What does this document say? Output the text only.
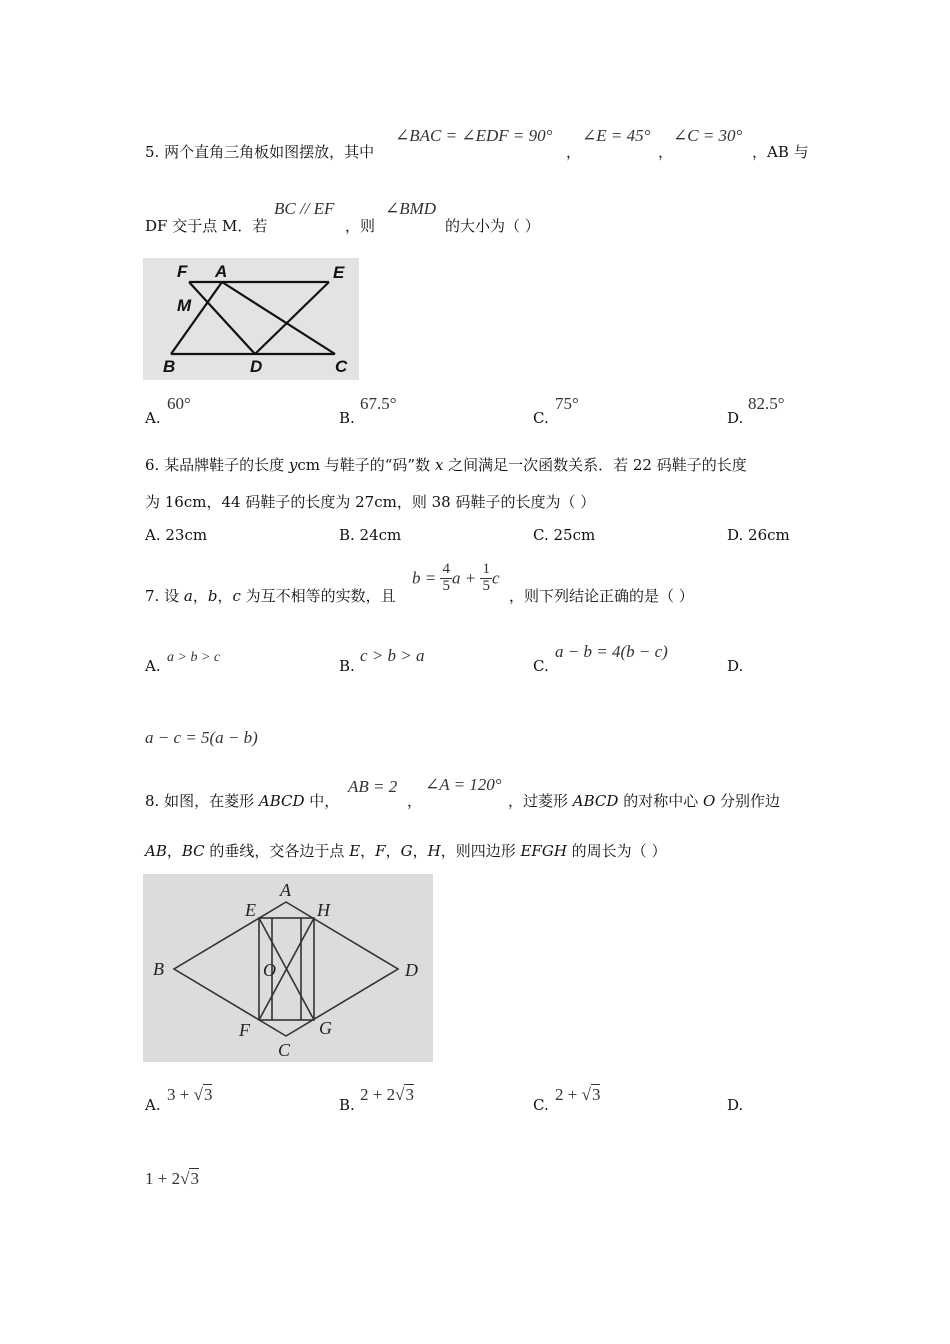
5. 两个直角三角板如图摆放，其中
∠BAC = ∠EDF = 90°
，
∠E = 45°
，
∠C = 30°
，AB 与
DF 交于点 M．若
BC // EF
，则
∠BMD
的大小为（ ）
F A	E
M
B	D	C
A.
60°
B.
67.5°
C.
75°
D.
82.5°
6. 某品牌鞋子的长度 ycm 与鞋子的“码”数 x 之间满足一次函数关系．若 22 码鞋子的长度
为 16cm，44 码鞋子的长度为 27cm，则 38 码鞋子的长度为（ ）
A. 23cm	B. 24cm	C. 25cm	D. 26cm
7. 设 a，b，c 为互不相等的实数，且
$b = \frac{4}{5}$ $a + \frac{1}{5}$ c
，则下列结论正确的是（ ）
A. a > b > c	B.
c > b > a
C.
a − b = 4(b − c)
D.
a − c = 5(a − b)
8. 如图，在菱形 ABCD 中，
AB = 2
，
∠A = 120°
，过菱形 ABCD 的对称中心 O 分别作边
AB，BC 的垂线，交各边于点 E，F，G，H，则四边形 EFGH 的周长为（ ）
A
B
C
D
E
F	G
H
O
A.
3 + √3
B.
2 + 2√3
C.
2 + √3
D.
1 + 2√3
